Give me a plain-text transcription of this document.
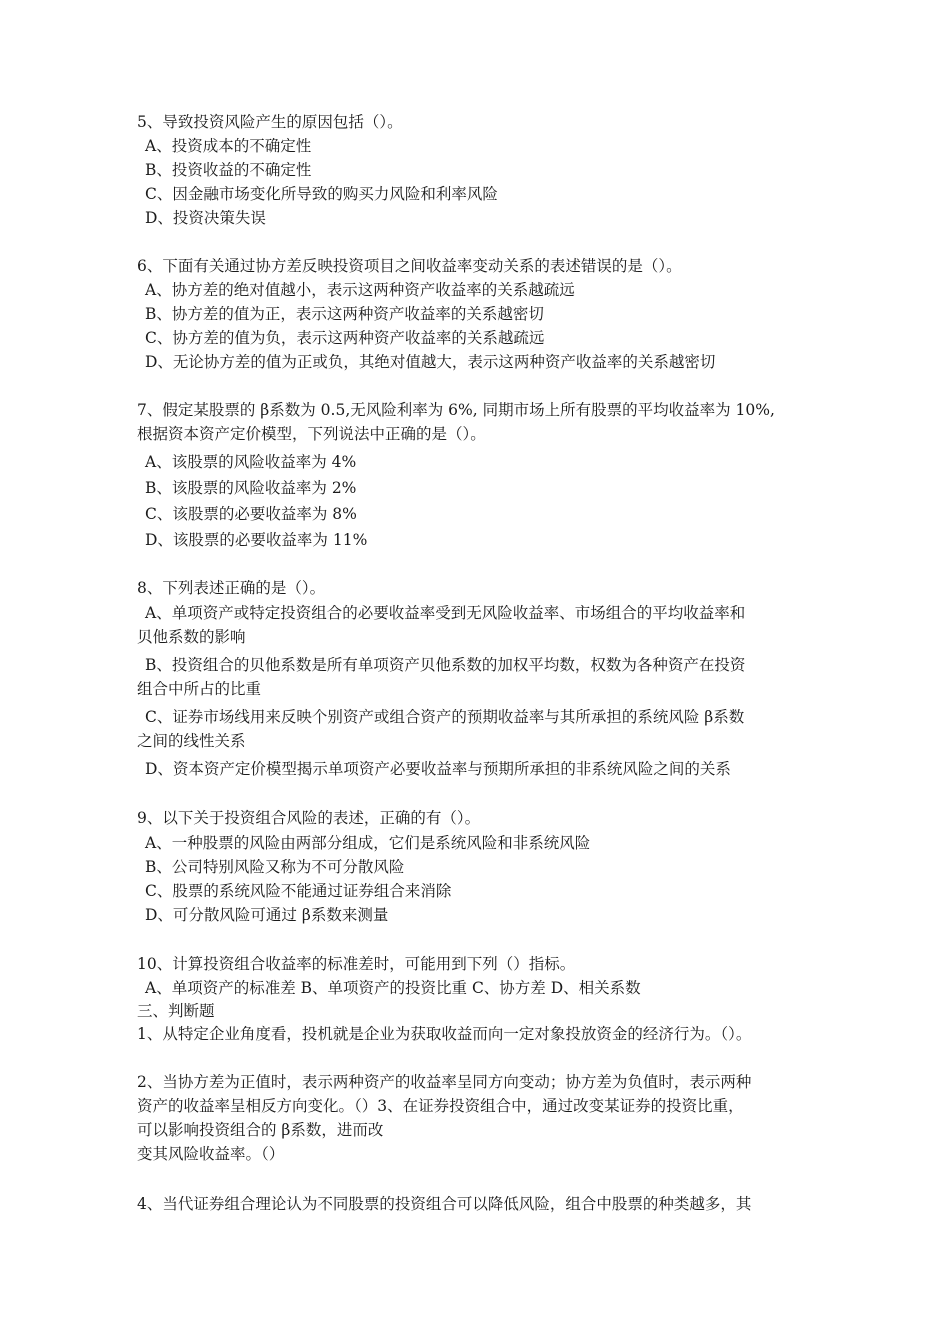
5、导致投资风险产生的原因包括（）。
A、投资成本的不确定性
B、投资收益的不确定性
C、因金融市场变化所导致的购买力风险和利率风险
D、投资决策失误
6、下面有关通过协方差反映投资项目之间收益率变动关系的表述错误的是（）。
A、协方差的绝对值越小，表示这两种资产收益率的关系越疏远
B、协方差的值为正，表示这两种资产收益率的关系越密切
C、协方差的值为负，表示这两种资产收益率的关系越疏远
D、无论协方差的值为正或负，其绝对值越大，表示这两种资产收益率的关系越密切
7、假定某股票的 β系数为 0.5,无风险利率为 6%, 同期市场上所有股票的平均收益率为 10%,
根据资本资产定价模型，下列说法中正确的是（）。
A、该股票的风险收益率为 4%
B、该股票的风险收益率为 2%
C、该股票的必要收益率为 8%
D、该股票的必要收益率为 11%
8、下列表述正确的是（）。
A、单项资产或特定投资组合的必要收益率受到无风险收益率、市场组合的平均收益率和
贝他系数的影响
B、投资组合的贝他系数是所有单项资产贝他系数的加权平均数，权数为各种资产在投资
组合中所占的比重
C、证券市场线用来反映个别资产或组合资产的预期收益率与其所承担的系统风险 β系数
之间的线性关系
D、资本资产定价模型揭示单项资产必要收益率与预期所承担的非系统风险之间的关系
9、以下关于投资组合风险的表述，正确的有（）。
A、一种股票的风险由两部分组成，它们是系统风险和非系统风险
B、公司特别风险又称为不可分散风险
C、股票的系统风险不能通过证券组合来消除
D、可分散风险可通过 β系数来测量
10、计算投资组合收益率的标准差时，可能用到下列（）指标。
A、单项资产的标准差 B、单项资产的投资比重 C、协方差 D、相关系数
三、判断题
1、从特定企业角度看，投机就是企业为获取收益而向一定对象投放资金的经济行为。（）。
2、当协方差为正值时，表示两种资产的收益率呈同方向变动；协方差为负值时，表示两种
资产的收益率呈相反方向变化。（）3、在证券投资组合中，通过改变某证券的投资比重，
可以影响投资组合的 β系数，进而改
变其风险收益率。（）
4、当代证券组合理论认为不同股票的投资组合可以降低风险，组合中股票的种类越多，其
